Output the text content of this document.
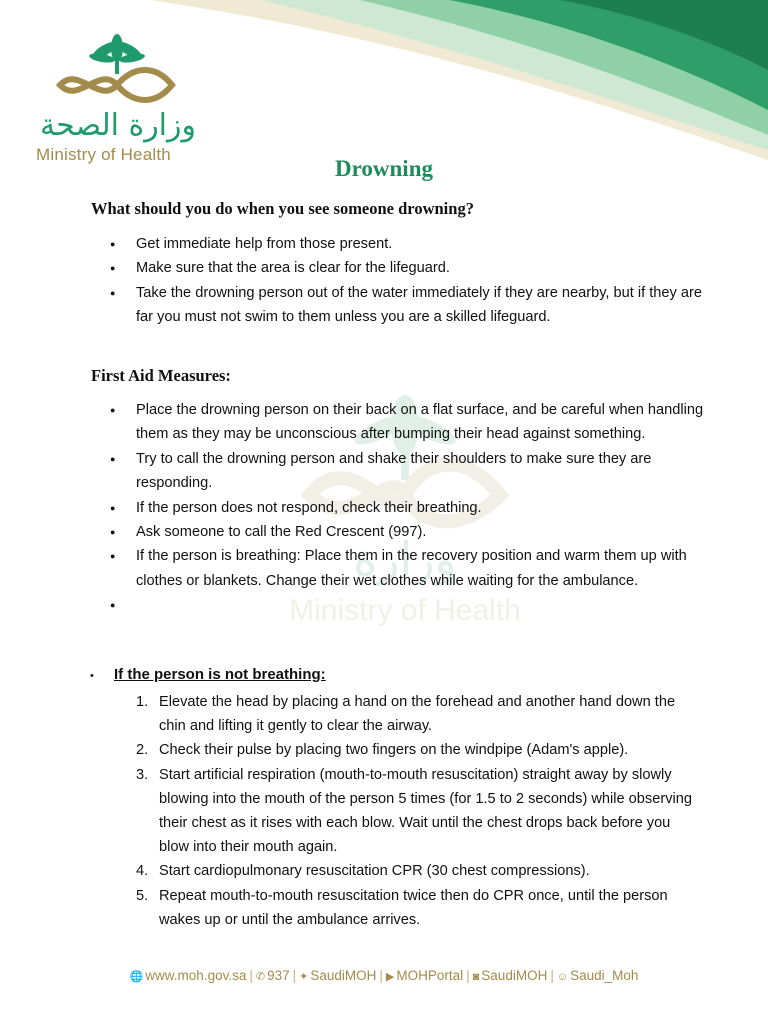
وزارة
Ministry of Health
وزارة الصحة
Ministry of Health
Drowning
What should you do when you see someone drowning?
● Get immediate help from those present.
● Make sure that the area is clear for the lifeguard.
● Take the drowning person out of the water immediately if they are nearby, but if they are far you must not swim to them unless you are a skilled lifeguard.
First Aid Measures:
● Place the drowning person on their back on a flat surface, and be careful when handling them as they may be unconscious after bumping their head against something.
● Try to call the drowning person and shake their shoulders to make sure they are responding.
● If the person does not respond, check their breathing.
● Ask someone to call the Red Crescent (997).
● If the person is breathing: Place them in the recovery position and warm them up with clothes or blankets. Change their wet clothes while waiting for the ambulance.
• If the person is not breathing:
1. Elevate the head by placing a hand on the forehead and another hand down the chin and lifting it gently to clear the airway.
2. Check their pulse by placing two fingers on the windpipe (Adam's apple).
3. Start artificial respiration (mouth-to-mouth resuscitation) straight away by slowly blowing into the mouth of the person 5 times (for 1.5 to 2 seconds) while observing their chest as it rises with each blow. Wait until the chest drops back before you blow into their mouth again.
4. Start cardiopulmonary resuscitation CPR (30 chest compressions).
5. Repeat mouth-to-mouth resuscitation twice then do CPR once, until the person wakes up or until the ambulance arrives.
🌐 www.moh.gov.sa | ✆ 937 | ✦ SaudiMOH | ▶ MOHPortal | ◙ SaudiMOH | ☺ Saudi_Moh
